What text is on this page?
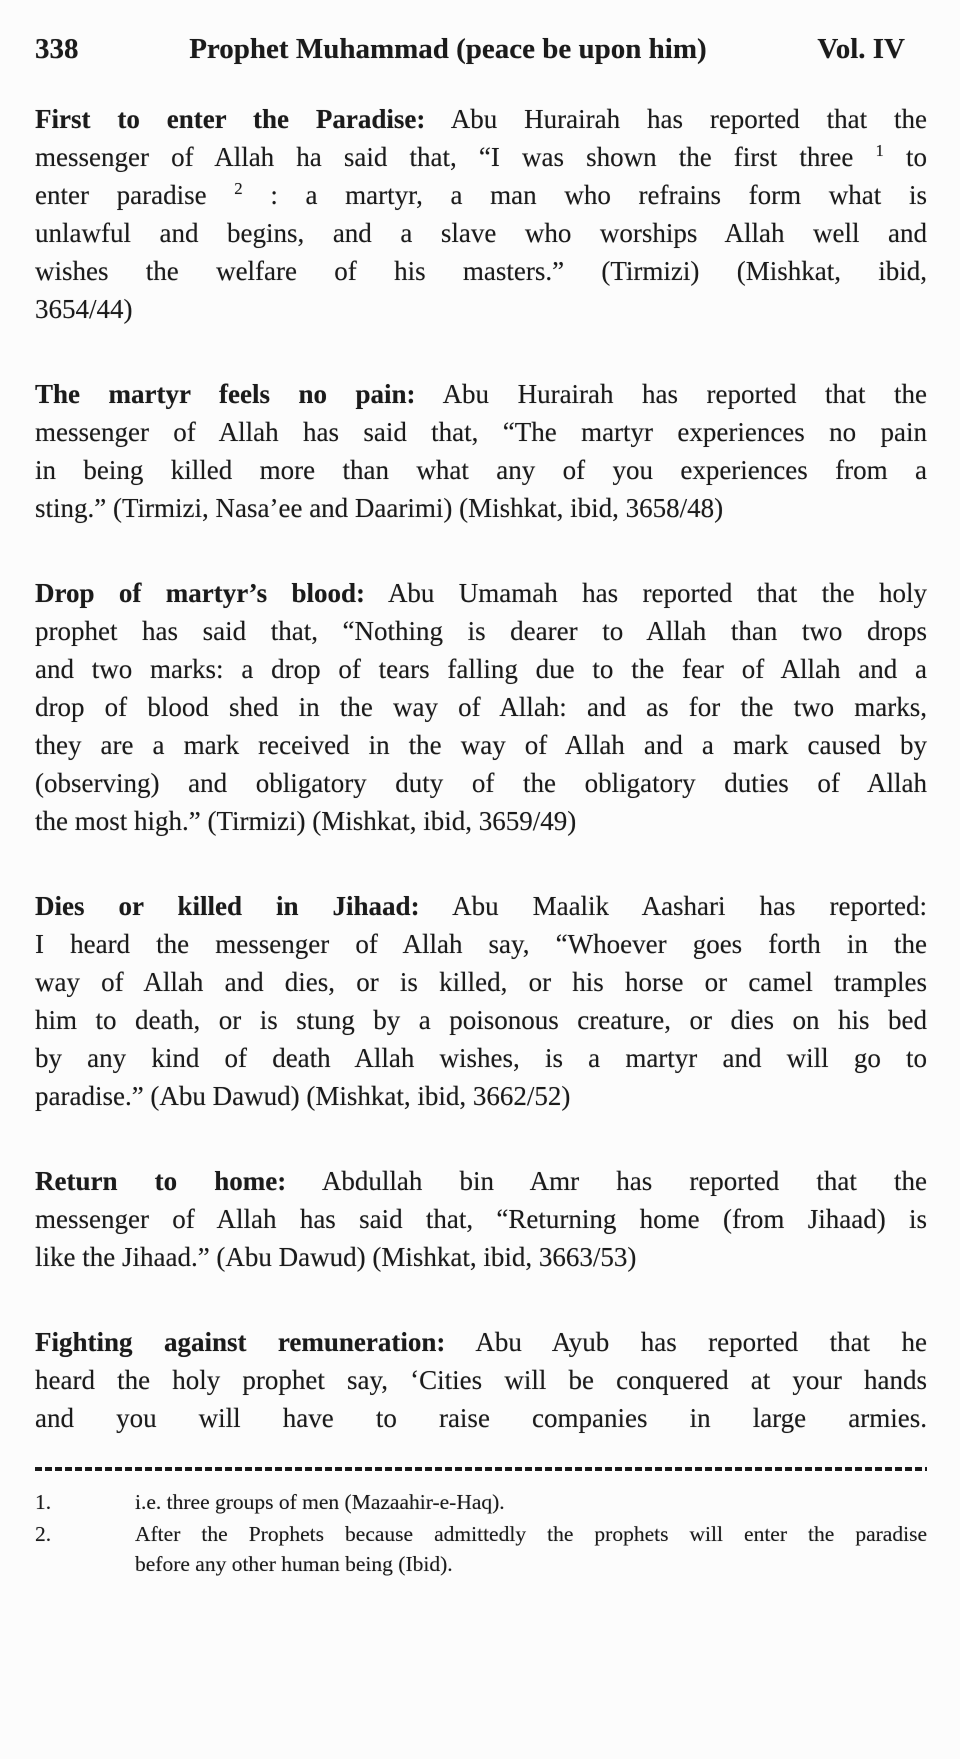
338	Prophet Muhammad (peace be upon him)	Vol. IV
First to enter the Paradise: Abu Hurairah has reported that the
messenger of Allah ha said that, “I was shown the first three $^1$ to
enter paradise $^2$ : a martyr, a man who refrains form what is
unlawful and begins, and a slave who worships Allah well and
wishes the welfare of his masters.” (Tirmizi) (Mishkat, ibid,
3654/44)
The martyr feels no pain: Abu Hurairah has reported that the
messenger of Allah has said that, “The martyr experiences no pain
in being killed more than what any of you experiences from a
sting.” (Tirmizi, Nasa’ee and Daarimi) (Mishkat, ibid, 3658/48)
Drop of martyr’s blood: Abu Umamah has reported that the holy
prophet has said that, “Nothing is dearer to Allah than two drops
and two marks: a drop of tears falling due to the fear of Allah and a
drop of blood shed in the way of Allah: and as for the two marks,
they are a mark received in the way of Allah and a mark caused by
(observing) and obligatory duty of the obligatory duties of Allah
the most high.” (Tirmizi) (Mishkat, ibid, 3659/49)
Dies or killed in Jihaad: Abu Maalik Aashari has reported:
I heard the messenger of Allah say, “Whoever goes forth in the
way of Allah and dies, or is killed, or his horse or camel tramples
him to death, or is stung by a poisonous creature, or dies on his bed
by any kind of death Allah wishes, is a martyr and will go to
paradise.” (Abu Dawud) (Mishkat, ibid, 3662/52)
Return to home: Abdullah bin Amr has reported that the
messenger of Allah has said that, “Returning home (from Jihaad) is
like the Jihaad.” (Abu Dawud) (Mishkat, ibid, 3663/53)
Fighting against remuneration: Abu Ayub has reported that he
heard the holy prophet say, ‘Cities will be conquered at your hands
and you will have to raise companies in large armies.
1.	i.e. three groups of men (Mazaahir-e-Haq).
2.	After the Prophets because admittedly the prophets will enter the paradise
before any other human being (Ibid).
